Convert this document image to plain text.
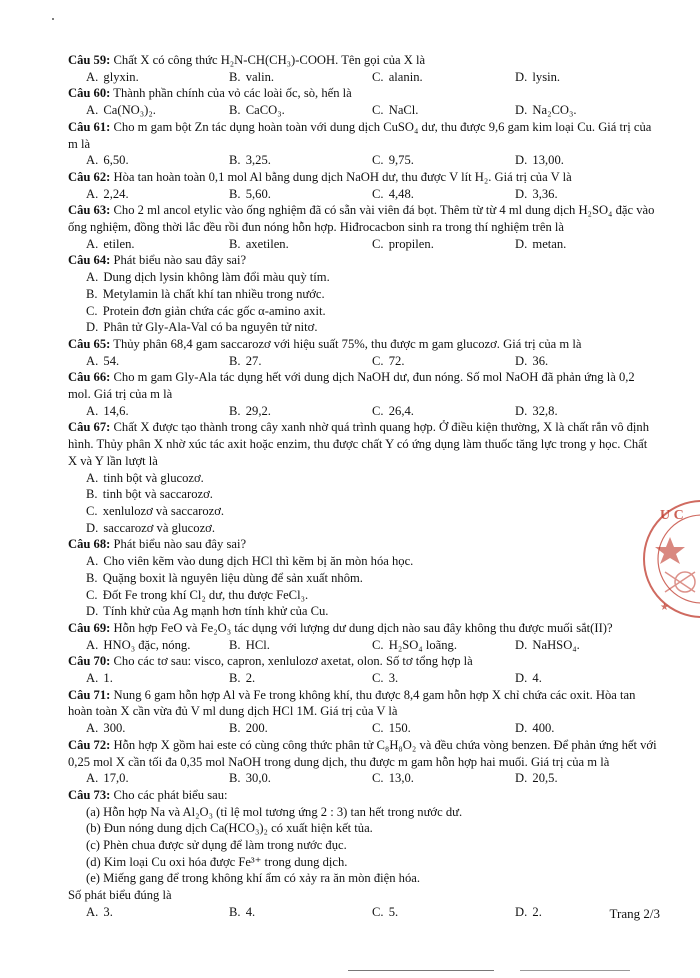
Câu 59: Chất X có công thức H₂N-CH(CH₃)-COOH. Tên gọi của X là
A. glyxin.	B. valin.	C. alanin.	D. lysin.
Câu 60: Thành phần chính của vỏ các loài ốc, sò, hến là
A. Ca(NO₃)₂.	B. CaCO₃.	C. NaCl.	D. Na₂CO₃.
Câu 61: Cho m gam bột Zn tác dụng hoàn toàn với dung dịch CuSO₄ dư, thu được 9,6 gam kim loại Cu. Giá trị của m là
A. 6,50.	B. 3,25.	C. 9,75.	D. 13,00.
Câu 62: Hòa tan hoàn toàn 0,1 mol Al bằng dung dịch NaOH dư, thu được V lít H₂. Giá trị của V là
A. 2,24.	B. 5,60.	C. 4,48.	D. 3,36.
Câu 63: Cho 2 ml ancol etylic vào ống nghiệm đã có sẵn vài viên đá bọt. Thêm từ từ 4 ml dung dịch H₂SO₄ đặc vào ống nghiệm, đồng thời lắc đều rồi đun nóng hỗn hợp. Hiđrocacbon sinh ra trong thí nghiệm trên là
A. etilen.	B. axetilen.	C. propilen.	D. metan.
Câu 64: Phát biểu nào sau đây sai?
A. Dung dịch lysin không làm đổi màu quỳ tím.
B. Metylamin là chất khí tan nhiều trong nước.
C. Protein đơn giản chứa các gốc α-amino axit.
D. Phân tử Gly-Ala-Val có ba nguyên tử nitơ.
Câu 65: Thủy phân 68,4 gam saccarozơ với hiệu suất 75%, thu được m gam glucozơ. Giá trị của m là
A. 54.	B. 27.	C. 72.	D. 36.
Câu 66: Cho m gam Gly-Ala tác dụng hết với dung dịch NaOH dư, đun nóng. Số mol NaOH đã phản ứng là 0,2 mol. Giá trị của m là
A. 14,6.	B. 29,2.	C. 26,4.	D. 32,8.
Câu 67: Chất X được tạo thành trong cây xanh nhờ quá trình quang hợp. Ở điều kiện thường, X là chất rắn vô định hình. Thủy phân X nhờ xúc tác axit hoặc enzim, thu được chất Y có ứng dụng làm thuốc tăng lực trong y học. Chất X và Y lần lượt là
A. tinh bột và glucozơ.
B. tinh bột và saccarozơ.
C. xenlulozơ và saccarozơ.
D. saccarozơ và glucozơ.
Câu 68: Phát biểu nào sau đây sai?
A. Cho viên kẽm vào dung dịch HCl thì kẽm bị ăn mòn hóa học.
B. Quặng boxit là nguyên liệu dùng để sản xuất nhôm.
C. Đốt Fe trong khí Cl₂ dư, thu được FeCl₃.
D. Tính khử của Ag mạnh hơn tính khử của Cu.
Câu 69: Hỗn hợp FeO và Fe₂O₃ tác dụng với lượng dư dung dịch nào sau đây không thu được muối sắt(II)?
A. HNO₃ đặc, nóng.	B. HCl.	C. H₂SO₄ loãng.	D. NaHSO₄.
Câu 70: Cho các tơ sau: visco, capron, xenlulozơ axetat, olon. Số tơ tổng hợp là
A. 1.	B. 2.	C. 3.	D. 4.
Câu 71: Nung 6 gam hỗn hợp Al và Fe trong không khí, thu được 8,4 gam hỗn hợp X chỉ chứa các oxit. Hòa tan hoàn toàn X cần vừa đủ V ml dung dịch HCl 1M. Giá trị của V là
A. 300.	B. 200.	C. 150.	D. 400.
Câu 72: Hỗn hợp X gồm hai este có cùng công thức phân tử C₈H₈O₂ và đều chứa vòng benzen. Để phản ứng hết với 0,25 mol X cần tối đa 0,35 mol NaOH trong dung dịch, thu được m gam hỗn hợp hai muối. Giá trị của m là
A. 17,0.	B. 30,0.	C. 13,0.	D. 20,5.
Câu 73: Cho các phát biểu sau:
(a) Hỗn hợp Na và Al₂O₃ (tỉ lệ mol tương ứng 2 : 3) tan hết trong nước dư.
(b) Đun nóng dung dịch Ca(HCO₃)₂ có xuất hiện kết tủa.
(c) Phèn chua được sử dụng để làm trong nước đục.
(d) Kim loại Cu oxi hóa được Fe³⁺ trong dung dịch.
(e) Miếng gang để trong không khí ẩm có xảy ra ăn mòn điện hóa.
Số phát biểu đúng là
A. 3.	B. 4.	C. 5.	D. 2.
U C
★
Trang 2/3
